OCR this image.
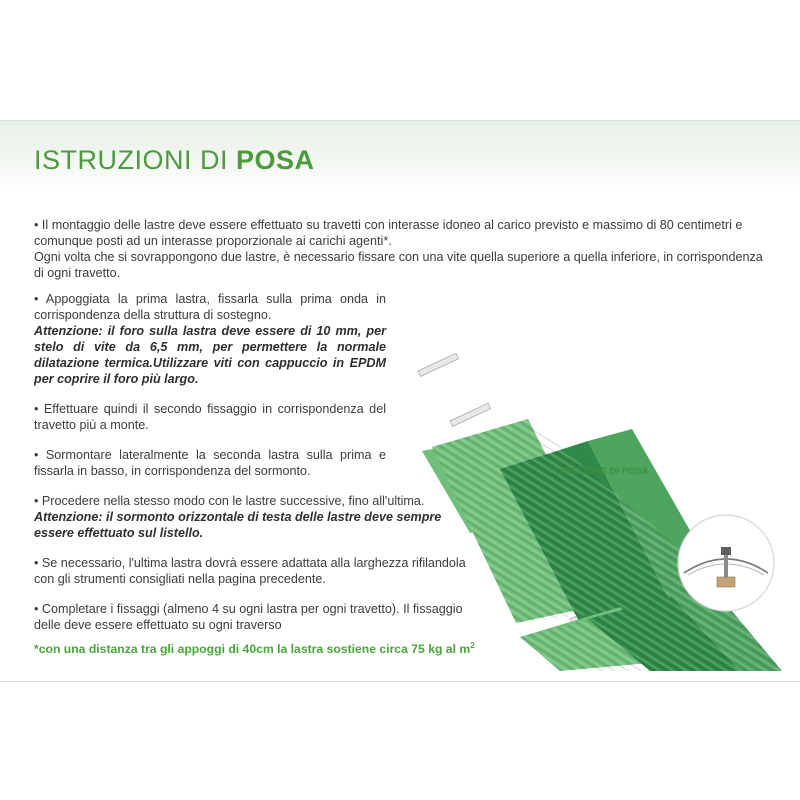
ISTRUZIONI DI POSA

• Il montaggio delle lastre deve essere effettuato su travetti con interasse idoneo al carico previsto e massimo di 80 centimetri e comunque posti ad un interasse proporzionale ai carichi agenti*.

Ogni volta che si sovrappongono due lastre, è necessario fissare con una vite quella superiore a quella inferiore, in corrispondenza di ogni travetto.

• Appoggiata la prima lastra, fissarla sulla prima onda in corrispondenza della struttura di sostegno.
Attenzione: il foro sulla lastra deve essere di 10 mm, per stelo di vite da 6,5 mm, per permettere la normale dilatazione termica.Utilizzare viti con cappuccio in EPDM per coprire il foro più largo.
• Effettuare quindi il secondo fissaggio in corrispondenza del travetto più a monte.
• Sormontare lateralmente la seconda lastra sulla prima e fissarla in basso, in corrispondenza del sormonto.
• Procedere nella stesso modo con le lastre successive, fino all'ultima.
Attenzione: il sormonto orizzontale di testa delle lastre deve sempre essere effettuato sul listello.
• Se necessario, l'ultima lastra dovrà essere adattata alla larghezza rifilandola con gli strumenti consigliati nella pagina precedente.
• Completare i fissaggi (almeno 4 su ogni lastra per ogni travetto). Il fissaggio delle deve essere effettuato su ogni traverso
*con una distanza tra gli appoggi di 40cm la lastra sostiene circa 75 kg al $m^2$
< DIREZIONE DI POSA
